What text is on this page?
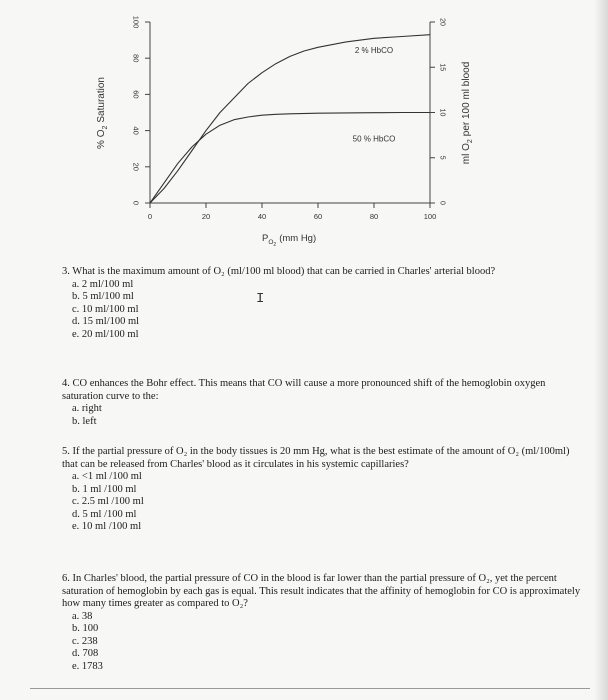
0	20	40	60	80	100
0
20
40
60
80
100
0
5
10
15
20
2 % HbCO
50 % HbCO
$P_{O2}(mm$ Hg)
% $O_2Saturation$
ml $O_2per$ 100 ml blood
I

3. What is the maximum amount of O₂ (ml/100 ml blood) that can be carried in Charles' arterial blood?

a. 2 ml/100 ml

b. 5 ml/100 ml

c. 10 ml/100 ml

d. 15 ml/100 ml

e. 20 ml/100 ml

4. CO enhances the Bohr effect. This means that CO will cause a more pronounced shift of the hemoglobin oxygen saturation curve to the:

a. right

b. left

5. If the partial pressure of O₂ in the body tissues is 20 mm Hg, what is the best estimate of the amount of O₂ (ml/100ml) that can be released from Charles' blood as it circulates in his systemic capillaries?

a. <1 ml /100 ml

b. 1 ml /100 ml

c. 2.5 ml /100 ml

d. 5 ml /100 ml

e. 10 ml /100 ml

6. In Charles' blood, the partial pressure of CO in the blood is far lower than the partial pressure of O₂, yet the percent saturation of hemoglobin by each gas is equal. This result indicates that the affinity of hemoglobin for CO is approximately how many times greater as compared to O₂?

a. 38

b. 100

c. 238

d. 708

e. 1783
